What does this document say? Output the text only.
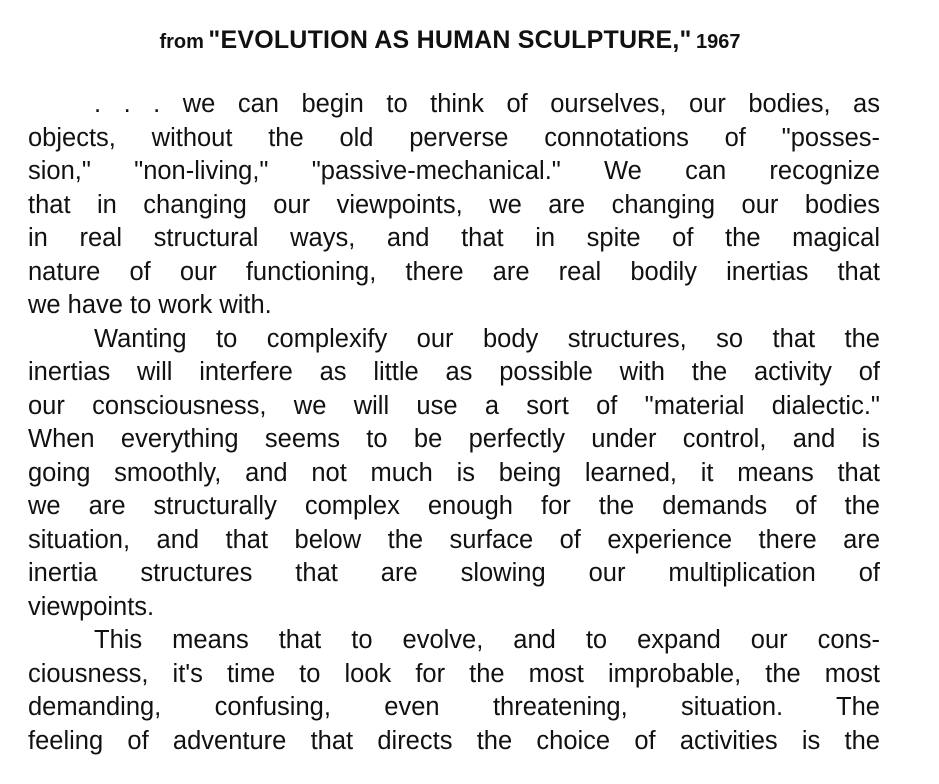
from "EVOLUTION AS HUMAN SCULPTURE," 1967
. . . we can begin to think of ourselves, our bodies, as
objects, without the old perverse connotations of "posses-
sion," "non-living," "passive-mechanical." We can recognize
that in changing our viewpoints, we are changing our bodies
in real structural ways, and that in spite of the magical
nature of our functioning, there are real bodily inertias that
we have to work with.
Wanting to complexify our body structures, so that the
inertias will interfere as little as possible with the activity of
our consciousness, we will use a sort of "material dialectic."
When everything seems to be perfectly under control, and is
going smoothly, and not much is being learned, it means that
we are structurally complex enough for the demands of the
situation, and that below the surface of experience there are
inertia structures that are slowing our multiplication of
viewpoints.
This means that to evolve, and to expand our cons-
ciousness, it's time to look for the most improbable, the most
demanding, confusing, even threatening, situation. The
feeling of adventure that directs the choice of activities is the
